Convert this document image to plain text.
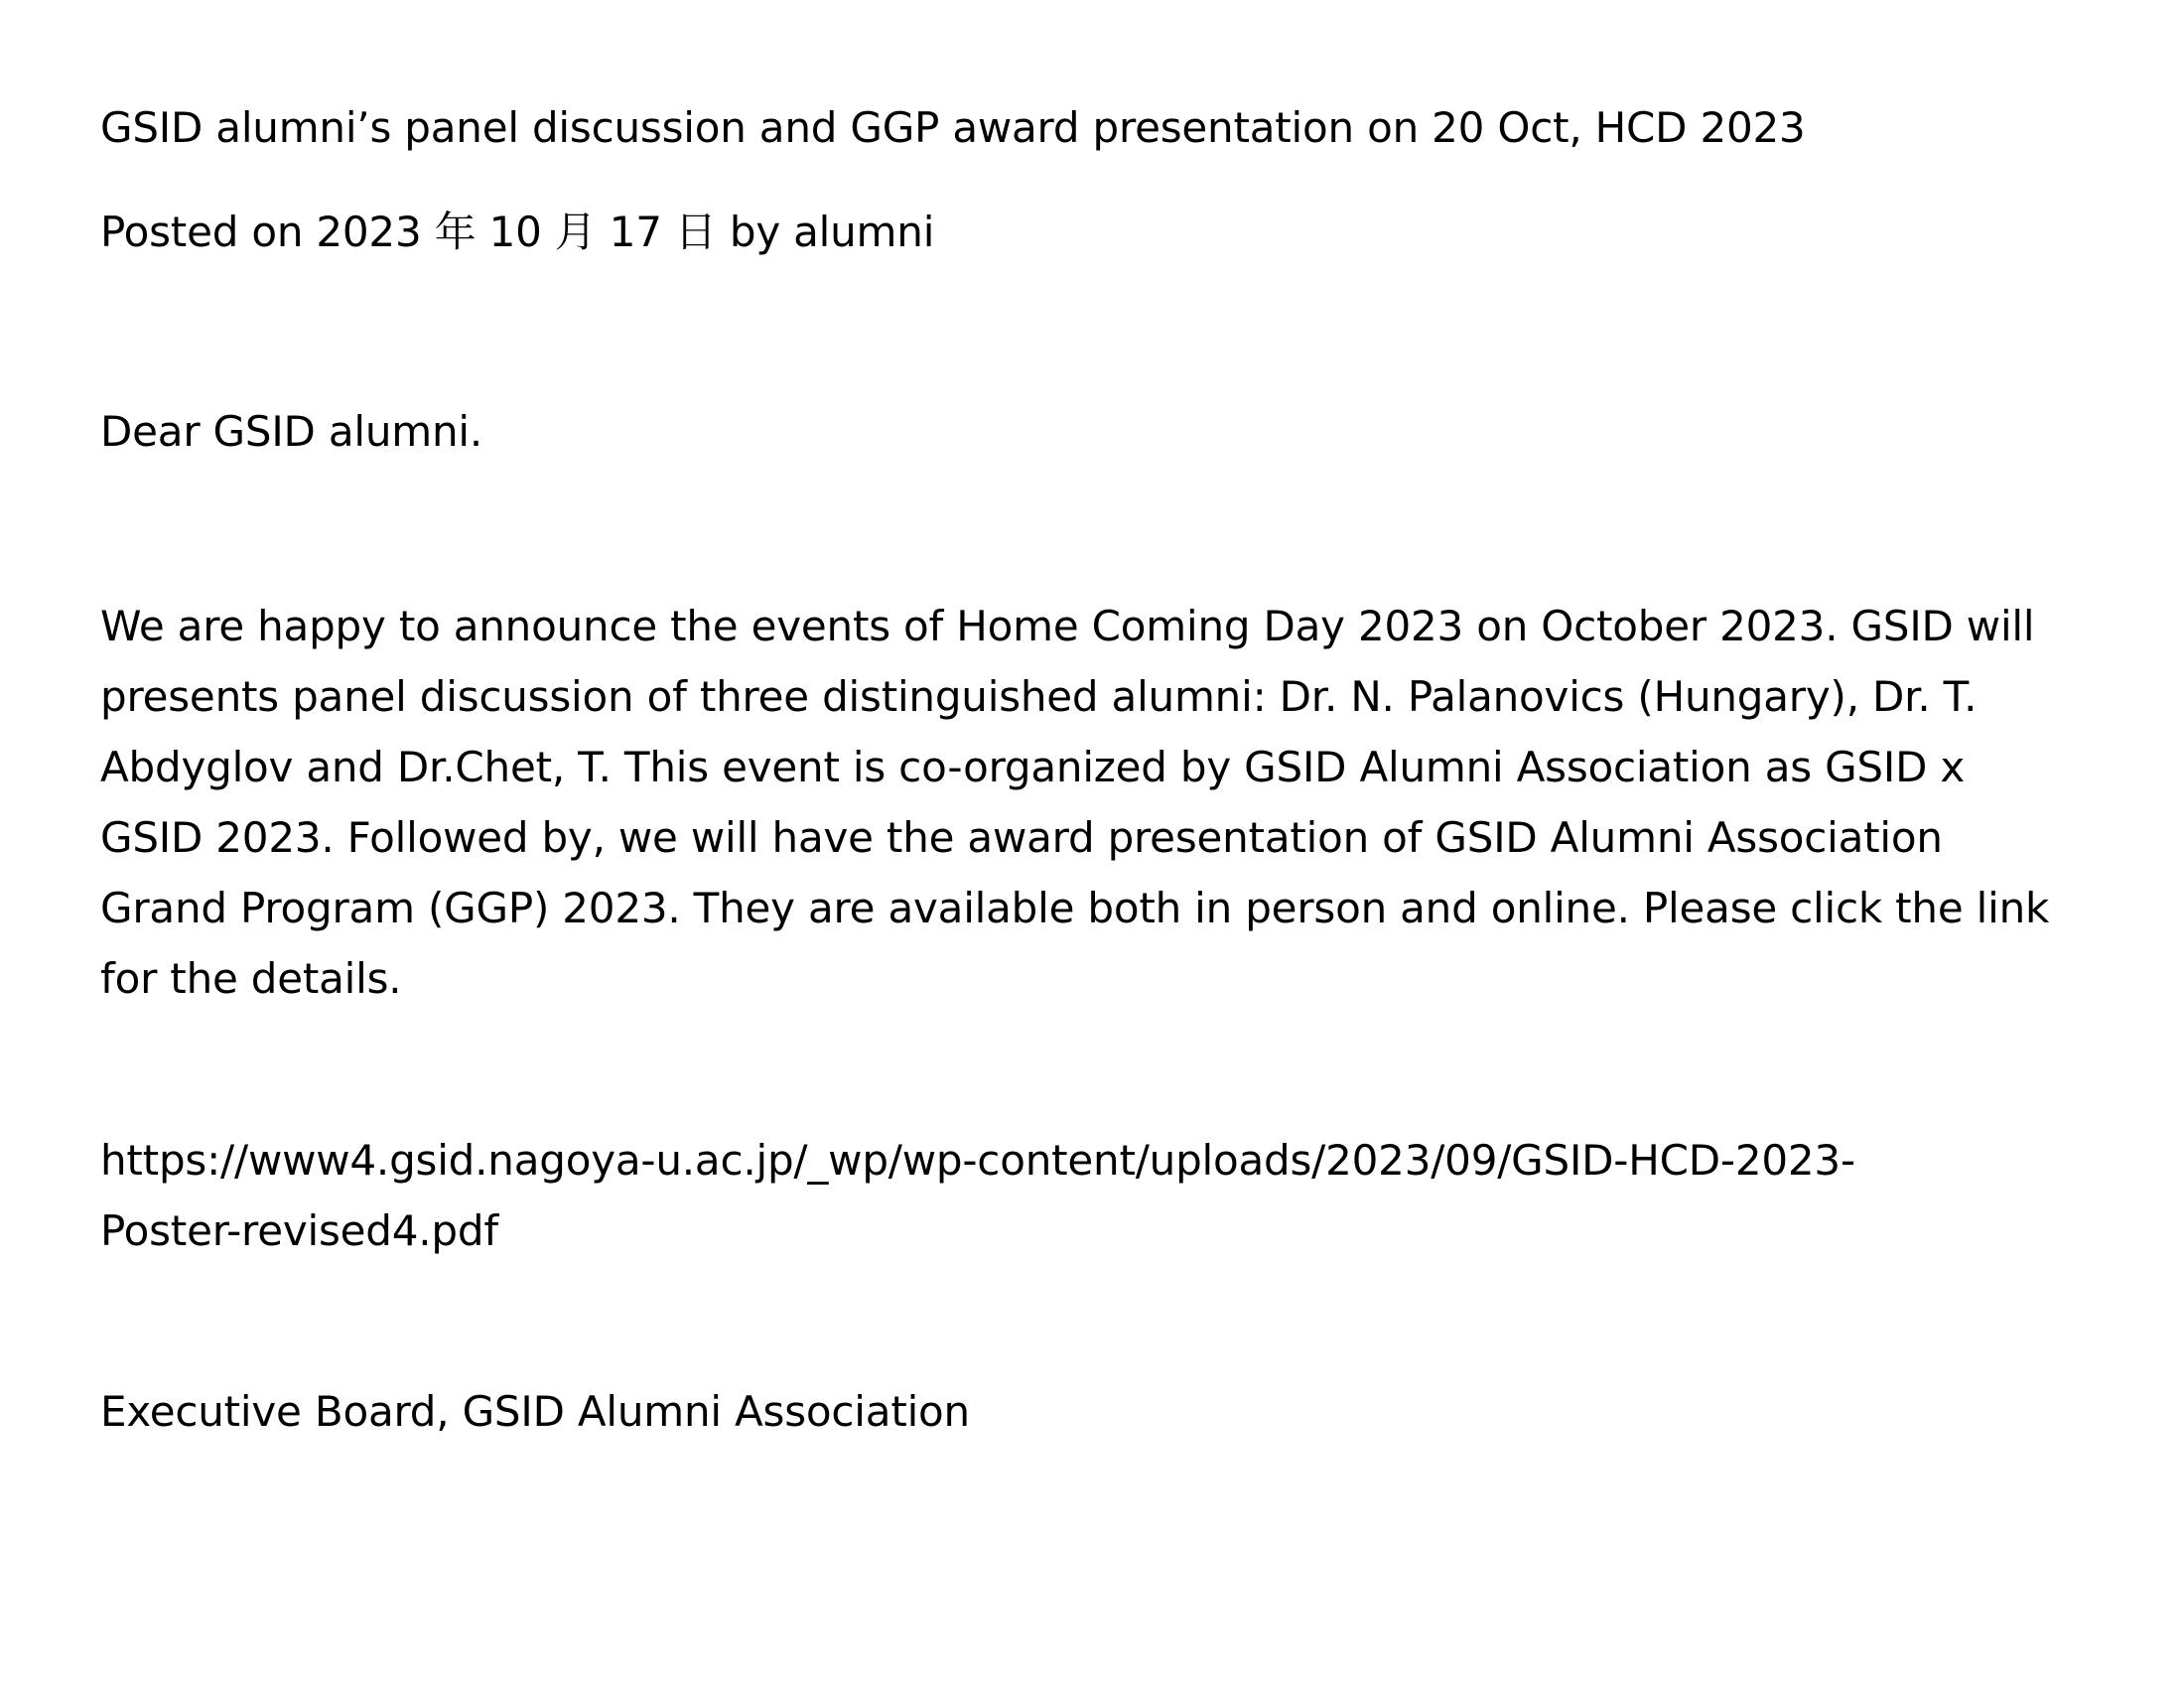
GSID alumni’s panel discussion and GGP award presentation on 20 Oct, HCD 2023

Posted on 2023 年 10 月 17 日 by alumni

Dear GSID alumni.

We are happy to announce the events of Home Coming Day 2023 on October 2023. GSID will
presents panel discussion of three distinguished alumni: Dr. N. Palanovics (Hungary), Dr. T.
Abdyglov and Dr.Chet, T. This event is co-organized by GSID Alumni Association as GSID x
GSID 2023. Followed by, we will have the award presentation of GSID Alumni Association
Grand Program (GGP) 2023. They are available both in person and online. Please click the link
for the details.

https://www4.gsid.nagoya-u.ac.jp/_wp/wp-content/uploads/2023/09/GSID-HCD-2023-
Poster-revised4.pdf

Executive Board, GSID Alumni Association
